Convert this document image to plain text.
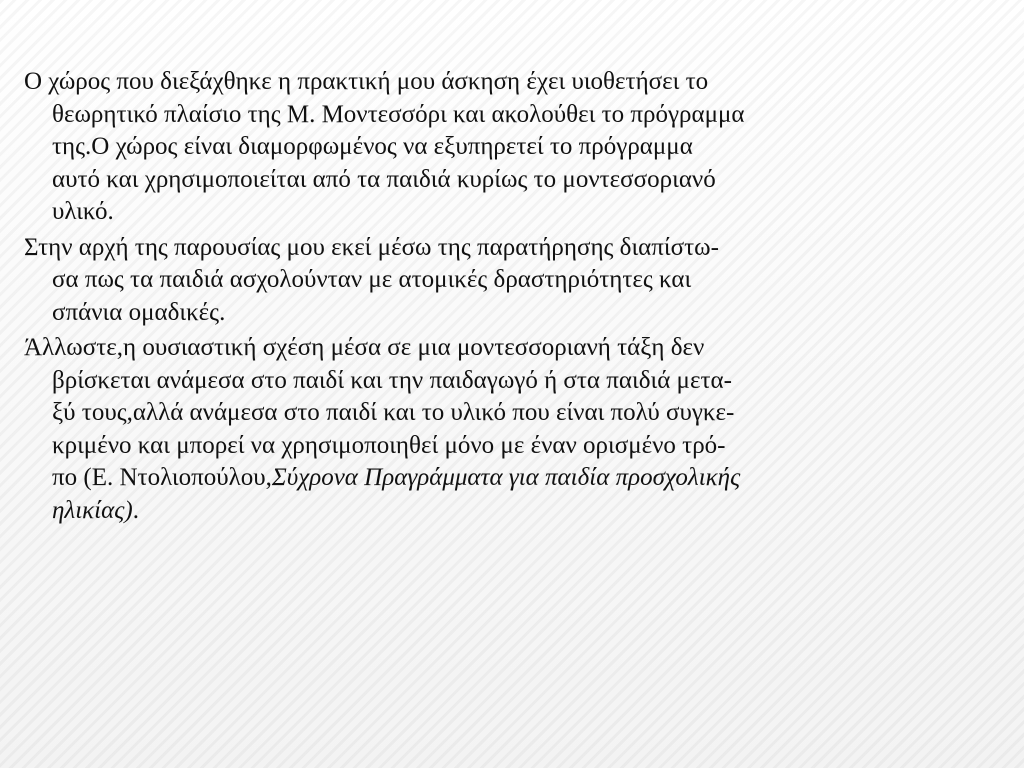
Ο χώρος που διεξάχθηκε η πρακτική μου άσκηση έχει υιοθετήσει το
θεωρητικό πλαίσιο της Μ. Μοντεσσόρι και ακολούθει το πρόγραμμα
της.Ο χώρος είναι διαμορφωμένος να εξυπηρετεί το πρόγραμμα
αυτό και χρησιμοποιείται από τα παιδιά κυρίως το μοντεσσοριανό
υλικό.
Στην αρχή της παρουσίας μου εκεί μέσω της παρατήρησης διαπίστω-
σα πως τα παιδιά ασχολούνταν με ατομικές δραστηριότητες και
σπάνια ομαδικές.
Άλλωστε,η ουσιαστική σχέση μέσα σε μια μοντεσσοριανή τάξη δεν
βρίσκεται ανάμεσα στο παιδί και την παιδαγωγό ή στα παιδιά μετα-
ξύ τους,αλλά ανάμεσα στο παιδί και το υλικό που είναι πολύ συγκε-
κριμένο και μπορεί να χρησιμοποιηθεί μόνο με έναν ορισμένο τρό-
πο (Ε. Ντολιοπούλου,Σύχρονα Πραγράμματα για παιδία προσχολικής
ηλικίας).
